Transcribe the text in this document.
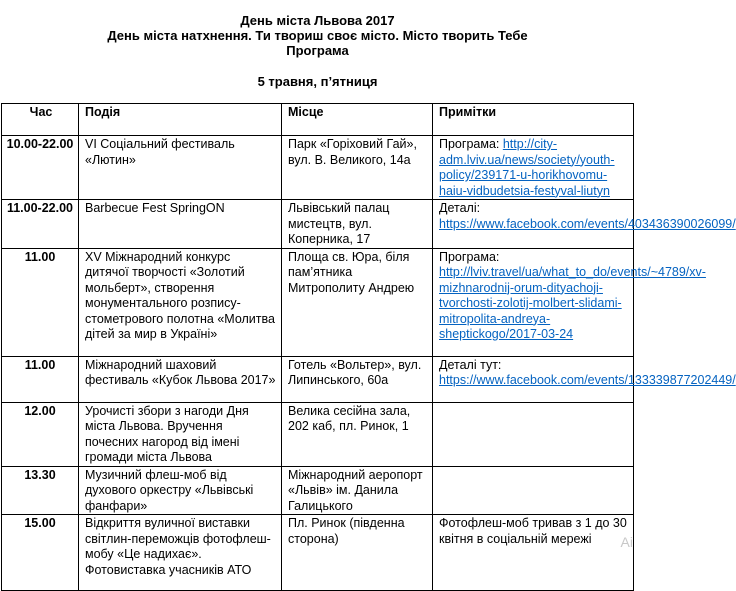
День міста Львова 2017
День міста натхнення. Ти твориш своє місто. Місто творить Тебе
Програма
5 травня, п’ятниця
Час	Подія	Місце	Примітки
10.00-22.00	VI Соціальний фестиваль «Лютин»	Парк «Горіховий Гай», вул. В. Великого, 14а	Програма: http://city-adm.lviv.ua/news/society/youth-policy/239171-u-horikhovomu-haiu-vidbudetsia-festyval-liutyn
11.00-22.00	Barbecue Fest SpringON	Львівський палац мистецтв, вул. Коперника, 17	Деталі: https://www.facebook.com/events/403436390026099/
11.00	XV Міжнародний конкурс дитячої творчості «Золотий мольберт», створення монументального розпису-стометрового полотна «Молитва дітей за мир в Україні»	Площа св. Юра, біля пам’ятника Митрополиту Андрею	Програма: http://lviv.travel/ua/what_to_do/events/~4789/xv-mizhnarodnij-orum-dityachoji-tvorchosti-zolotij-molbert-slidami-mitropolita-andreya-sheptickogo/2017-03-24
11.00	Міжнародний шаховий фестиваль «Кубок Львова 2017»	Готель «Вольтер», вул. Липинського, 60а	Деталі тут: https://www.facebook.com/events/133339877202449/
12.00	Урочисті збори з нагоди Дня міста Львова. Вручення почесних нагород від імені громади міста Львова	Велика сесійна зала, 202 каб, пл. Ринок, 1	
13.30	Музичний флеш-моб від духового оркестру «Львівські фанфари»	Міжнародний аеропорт «Львів» ім. Данила Галицького	
15.00	Відкриття вуличної виставки світлин-переможців фотофлеш-мобу «Це надихає». Фотовиставка учасників АТО	Пл. Ринок (південна сторона)	Фотофлеш-моб тривав з 1 до 30 квітня в соціальній мережі Ai
